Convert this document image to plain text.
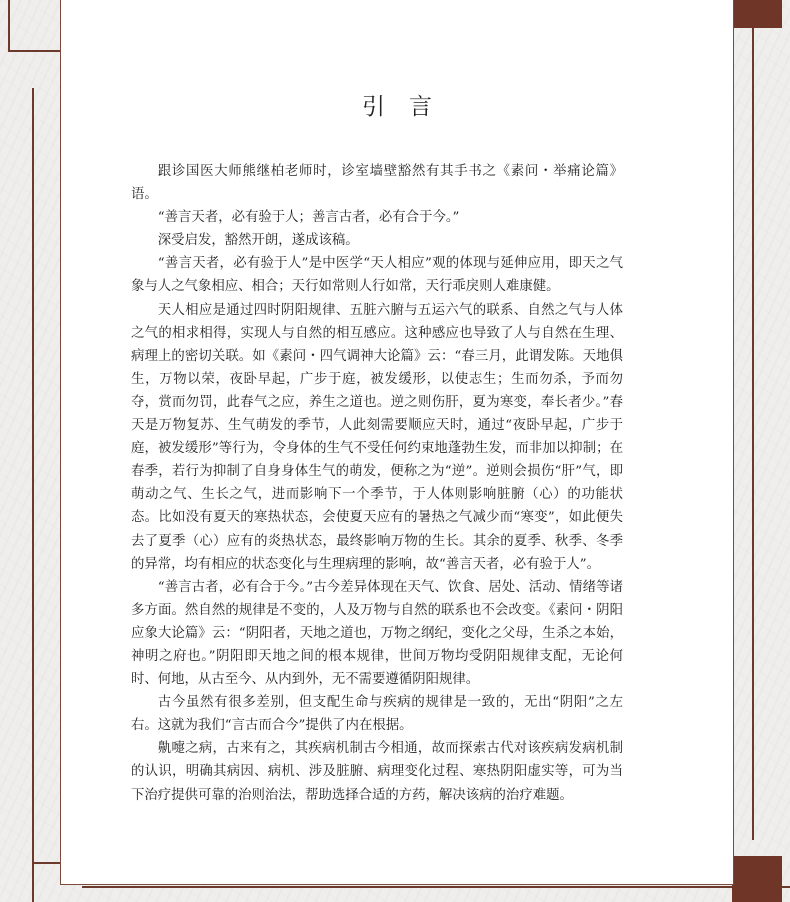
引言

跟诊国医大师熊继柏老师时，诊室墙壁豁然有其手书之《素问・举痛论篇》语。

“善言天者，必有验于人；善言古者，必有合于今。”

深受启发，豁然开朗，遂成该稿。

“善言天者，必有验于人”是中医学“天人相应”观的体现与延伸应用，即天之气象与人之气象相应、相合；天行如常则人行如常，天行乖戾则人难康健。

天人相应是通过四时阴阳规律、五脏六腑与五运六气的联系、自然之气与人体之气的相求相得，实现人与自然的相互感应。这种感应也导致了人与自然在生理、病理上的密切关联。如《素问・四气调神大论篇》云：“春三月，此谓发陈。天地俱生，万物以荣，夜卧早起，广步于庭，被发缓形，以使志生；生而勿杀，予而勿夺，赏而勿罚，此春气之应，养生之道也。逆之则伤肝，夏为寒变，奉长者少。”春天是万物复苏、生气萌发的季节，人此刻需要顺应天时，通过“夜卧早起，广步于庭，被发缓形”等行为，令身体的生气不受任何约束地蓬勃生发，而非加以抑制；在春季，若行为抑制了自身身体生气的萌发，便称之为“逆”。逆则会损伤“肝”气，即萌动之气、生长之气，进而影响下一个季节，于人体则影响脏腑（心）的功能状态。比如没有夏天的寒热状态，会使夏天应有的暑热之气减少而“寒变”，如此便失去了夏季（心）应有的炎热状态，最终影响万物的生长。其余的夏季、秋季、冬季的异常，均有相应的状态变化与生理病理的影响，故“善言天者，必有验于人”。

“善言古者，必有合于今。”古今差异体现在天气、饮食、居处、活动、情绪等诸多方面。然自然的规律是不变的，人及万物与自然的联系也不会改变。《素问・阴阳应象大论篇》云：“阴阳者，天地之道也，万物之纲纪，变化之父母，生杀之本始，神明之府也。”阴阳即天地之间的根本规律，世间万物均受阴阳规律支配，无论何时、何地，从古至今、从内到外，无不需要遵循阴阳规律。

古今虽然有很多差别，但支配生命与疾病的规律是一致的，无出“阴阳”之左右。这就为我们“言古而合今”提供了内在根据。

鼽嚏之病，古来有之，其疾病机制古今相通，故而探索古代对该疾病发病机制的认识，明确其病因、病机、涉及脏腑、病理变化过程、寒热阴阳虚实等，可为当下治疗提供可靠的治则治法，帮助选择合适的方药，解决该病的治疗难题。
